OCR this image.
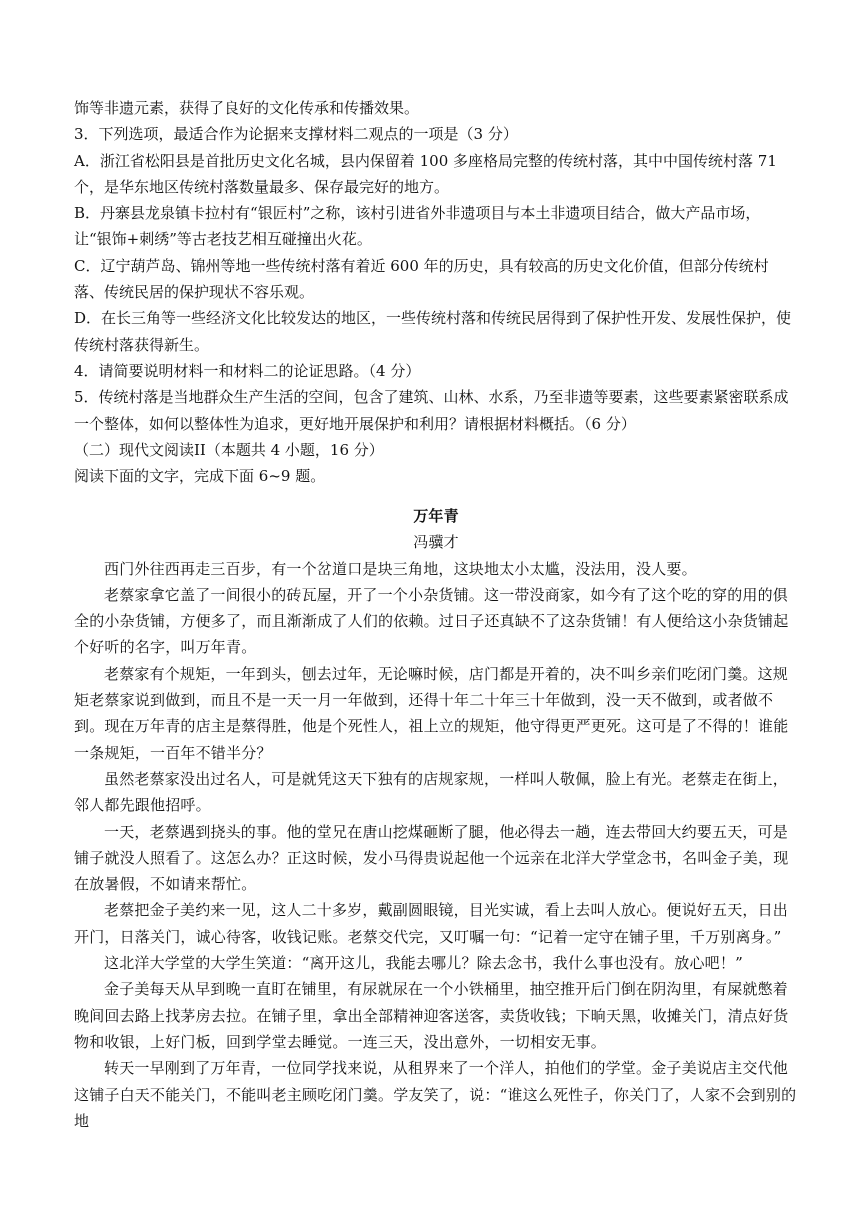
饰等非遗元素，获得了良好的文化传承和传播效果。

3．下列选项，最适合作为论据来支撑材料二观点的一项是（3 分）

A．浙江省松阳县是首批历史文化名城，县内保留着 100 多座格局完整的传统村落，其中中国传统村落 71 个，是华东地区传统村落数量最多、保存最完好的地方。

B．丹寨县龙泉镇卡拉村有“银匠村”之称，该村引进省外非遗项目与本土非遗项目结合，做大产品市场，让“银饰+刺绣”等古老技艺相互碰撞出火花。

C．辽宁葫芦岛、锦州等地一些传统村落有着近 600 年的历史，具有较高的历史文化价值，但部分传统村落、传统民居的保护现状不容乐观。

D．在长三角等一些经济文化比较发达的地区，一些传统村落和传统民居得到了保护性开发、发展性保护，使传统村落获得新生。

4．请简要说明材料一和材料二的论证思路。（4 分）

5．传统村落是当地群众生产生活的空间，包含了建筑、山林、水系，乃至非遗等要素，这些要素紧密联系成一个整体，如何以整体性为追求，更好地开展保护和利用？请根据材料概括。（6 分）

（二）现代文阅读II（本题共 4 小题，16 分）

阅读下面的文字，完成下面 6~9 题。

万年青

冯骥才

西门外往西再走三百步，有一个岔道口是块三角地，这块地太小太尴，没法用，没人要。

老蔡家拿它盖了一间很小的砖瓦屋，开了一个小杂货铺。这一带没商家，如今有了这个吃的穿的用的俱全的小杂货铺，方便多了，而且渐渐成了人们的依赖。过日子还真缺不了这杂货铺！有人便给这小杂货铺起个好听的名字，叫万年青。

老蔡家有个规矩，一年到头，刨去过年，无论嘛时候，店门都是开着的，决不叫乡亲们吃闭门羹。这规矩老蔡家说到做到，而且不是一天一月一年做到，还得十年二十年三十年做到，没一天不做到，或者做不到。现在万年青的店主是蔡得胜，他是个死性人，祖上立的规矩，他守得更严更死。这可是了不得的！谁能一条规矩，一百年不错半分？

虽然老蔡家没出过名人，可是就凭这天下独有的店规家规，一样叫人敬佩，脸上有光。老蔡走在街上，邻人都先跟他招呼。

一天，老蔡遇到挠头的事。他的堂兄在唐山挖煤砸断了腿，他必得去一趟，连去带回大约要五天，可是铺子就没人照看了。这怎么办？正这时候，发小马得贵说起他一个远亲在北洋大学堂念书，名叫金子美，现在放暑假，不如请来帮忙。

老蔡把金子美约来一见，这人二十多岁，戴副圆眼镜，目光实诚，看上去叫人放心。便说好五天，日出开门，日落关门，诚心待客，收钱记账。老蔡交代完，又叮嘱一句：“记着一定守在铺子里，千万别离身。”

这北洋大学堂的大学生笑道：“离开这儿，我能去哪儿？除去念书，我什么事也没有。放心吧！”

金子美每天从早到晚一直盯在铺里，有尿就尿在一个小铁桶里，抽空推开后门倒在阴沟里，有屎就憋着晚间回去路上找茅房去拉。在铺子里，拿出全部精神迎客送客，卖货收钱；下晌天黑，收摊关门，清点好货物和收银，上好门板，回到学堂去睡觉。一连三天，没出意外，一切相安无事。

转天一早刚到了万年青，一位同学找来说，从租界来了一个洋人，拍他们的学堂。金子美说店主交代他这铺子白天不能关门，不能叫老主顾吃闭门羹。学友笑了，说：“谁这么死性子，你关门了，人家不会到别的地
